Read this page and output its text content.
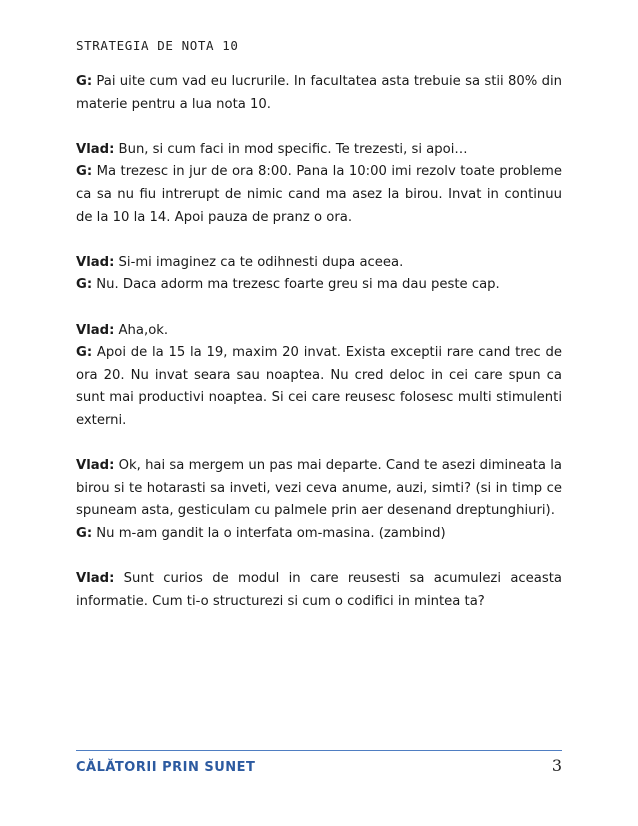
STRATEGIA DE NOTA 10

G: Pai uite cum vad eu lucrurile. In facultatea asta trebuie sa stii 80% din materie pentru a lua nota 10.

Vlad: Bun, si cum faci in mod specific. Te trezesti, si apoi…

G: Ma trezesc in jur de ora 8:00. Pana la 10:00 imi rezolv toate probleme ca sa nu fiu intrerupt de nimic cand ma asez la birou. Invat in continuu de la 10 la 14. Apoi pauza de pranz o ora.

Vlad: Si-mi imaginez ca te odihnesti dupa aceea.

G: Nu. Daca adorm ma trezesc foarte greu si ma dau peste cap.

Vlad: Aha,ok.

G: Apoi de la 15 la 19, maxim 20 invat. Exista exceptii rare cand trec de ora 20. Nu invat seara sau noaptea. Nu cred deloc in cei care spun ca sunt mai productivi noaptea. Si cei care reusesc folosesc multi stimulenti externi.

Vlad: Ok, hai sa mergem un pas mai departe. Cand te asezi dimineata la birou si te hotarasti sa inveti, vezi ceva anume, auzi, simti? (si in timp ce spuneam asta, gesticulam cu palmele prin aer desenand dreptunghiuri).

G: Nu m-am gandit la o interfata om-masina. (zambind)

Vlad: Sunt curios de modul in care reusesti sa acumulezi aceasta informatie. Cum ti-o structurezi si cum o codifici in mintea ta?

CĂLĂTORII PRIN SUNET	3
